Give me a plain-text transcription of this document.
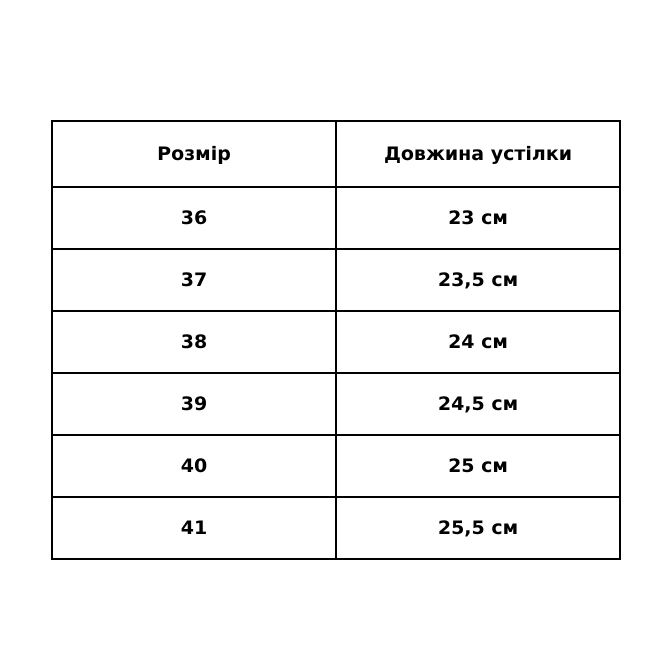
Розмір	Довжина устілки

36	23 см

37	23,5 см

38	24 см

39	24,5 см

40	25 см

41	25,5 см
